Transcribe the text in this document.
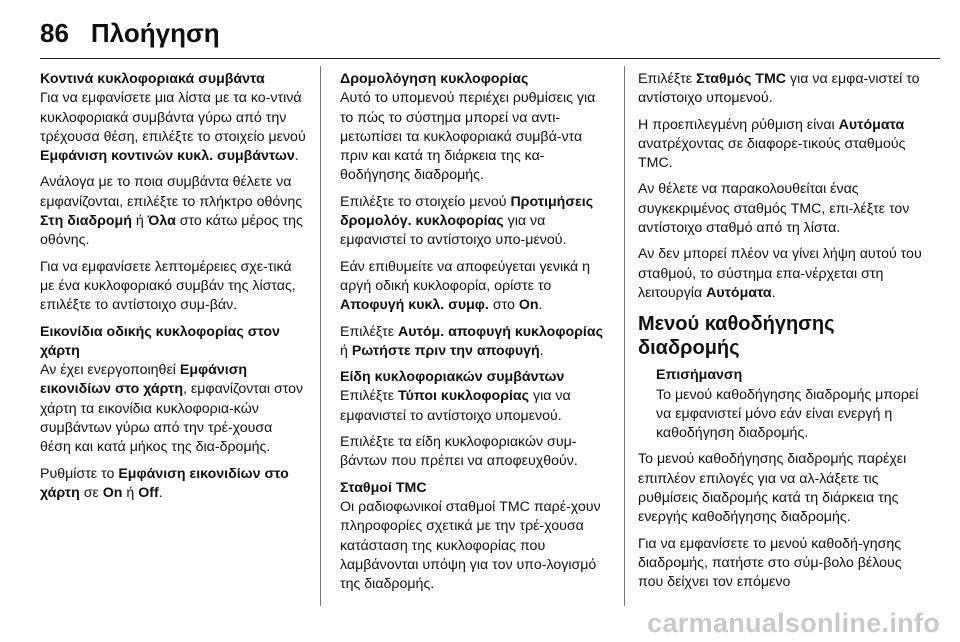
86 Πλοήγηση
Κοντινά κυκλοφοριακά συμβάντα
Για να εμφανίσετε μια λίστα με τα κο-ντινά κυκλοφοριακά συμβάντα γύρω από την τρέχουσα θέση, επιλέξτε το στοιχείο μενού Εμφάνιση κοντινών κυκλ. συμβάντων.
Ανάλογα με το ποια συμβάντα θέλετε να εμφανίζονται, επιλέξτε το πλήκτρο οθόνης Στη διαδρομή ή Όλα στο κάτω μέρος της οθόνης.
Για να εμφανίσετε λεπτομέρειες σχε-τικά με ένα κυκλοφοριακό συμβάν της λίστας, επιλέξτε το αντίστοιχο συμ-βάν.
Εικονίδια οδικής κυκλοφορίας στον χάρτη
Αν έχει ενεργοποιηθεί Εμφάνιση εικονιδίων στο χάρτη, εμφανίζονται στον χάρτη τα εικονίδια κυκλοφορια-κών συμβάντων γύρω από την τρέ-χουσα θέση και κατά μήκος της δια-δρομής.
Ρυθμίστε το Εμφάνιση εικονιδίων στο χάρτη σε On ή Off.
Δρομολόγηση κυκλοφορίας
Αυτό το υπομενού περιέχει ρυθμίσεις για το πώς το σύστημα μπορεί να αντι-μετωπίσει τα κυκλοφοριακά συμβά-ντα πριν και κατά τη διάρκεια της κα-θοδήγησης διαδρομής.
Επιλέξτε το στοιχείο μενού Προτιμήσεις δρομολόγ. κυκλοφορίας για να εμφανιστεί το αντίστοιχο υπο-μενού.
Εάν επιθυμείτε να αποφεύγεται γενικά η αργή οδική κυκλοφορία, ορίστε το Αποφυγή κυκλ. συμφ. στο On.
Επιλέξτε Αυτόμ. αποφυγή κυκλοφορίας ή Ρωτήστε πριν την αποφυγή.
Είδη κυκλοφοριακών συμβάντων
Επιλέξτε Τύποι κυκλοφορίας για να εμφανιστεί το αντίστοιχο υπομενού.
Επιλέξτε τα είδη κυκλοφοριακών συμ-βάντων που πρέπει να αποφευχθούν.
Σταθμοί TMC
Οι ραδιοφωνικοί σταθμοί TMC παρέ-χουν πληροφορίες σχετικά με την τρέ-χουσα κατάσταση της κυκλοφορίας που λαμβάνονται υπόψη για τον υπο-λογισμό της διαδρομής.
Επιλέξτε Σταθμός TMC για να εμφα-νιστεί το αντίστοιχο υπομενού.
Η προεπιλεγμένη ρύθμιση είναι Αυτόματα ανατρέχοντας σε διαφορε-τικούς σταθμούς TMC.
Αν θέλετε να παρακολουθείται ένας συγκεκριμένος σταθμός TMC, επι-λέξτε τον αντίστοιχο σταθμό από τη λίστα.
Αν δεν μπορεί πλέον να γίνει λήψη αυτού του σταθμού, το σύστημα επα-νέρχεται στη λειτουργία Αυτόματα.
Μενού καθοδήγησης διαδρομής
Επισήμανση
Το μενού καθοδήγησης διαδρομής μπορεί να εμφανιστεί μόνο εάν είναι ενεργή η καθοδήγηση διαδρομής.
Το μενού καθοδήγησης διαδρομής παρέχει επιπλέον επιλογές για να αλ-λάξετε τις ρυθμίσεις διαδρομής κατά τη διάρκεια της ενεργής καθοδήγησης διαδρομής.
Για να εμφανίσετε το μενού καθοδή-γησης διαδρομής, πατήστε στο σύμ-βολο βέλους που δείχνει τον επόμενο
carmanualsonline.info
